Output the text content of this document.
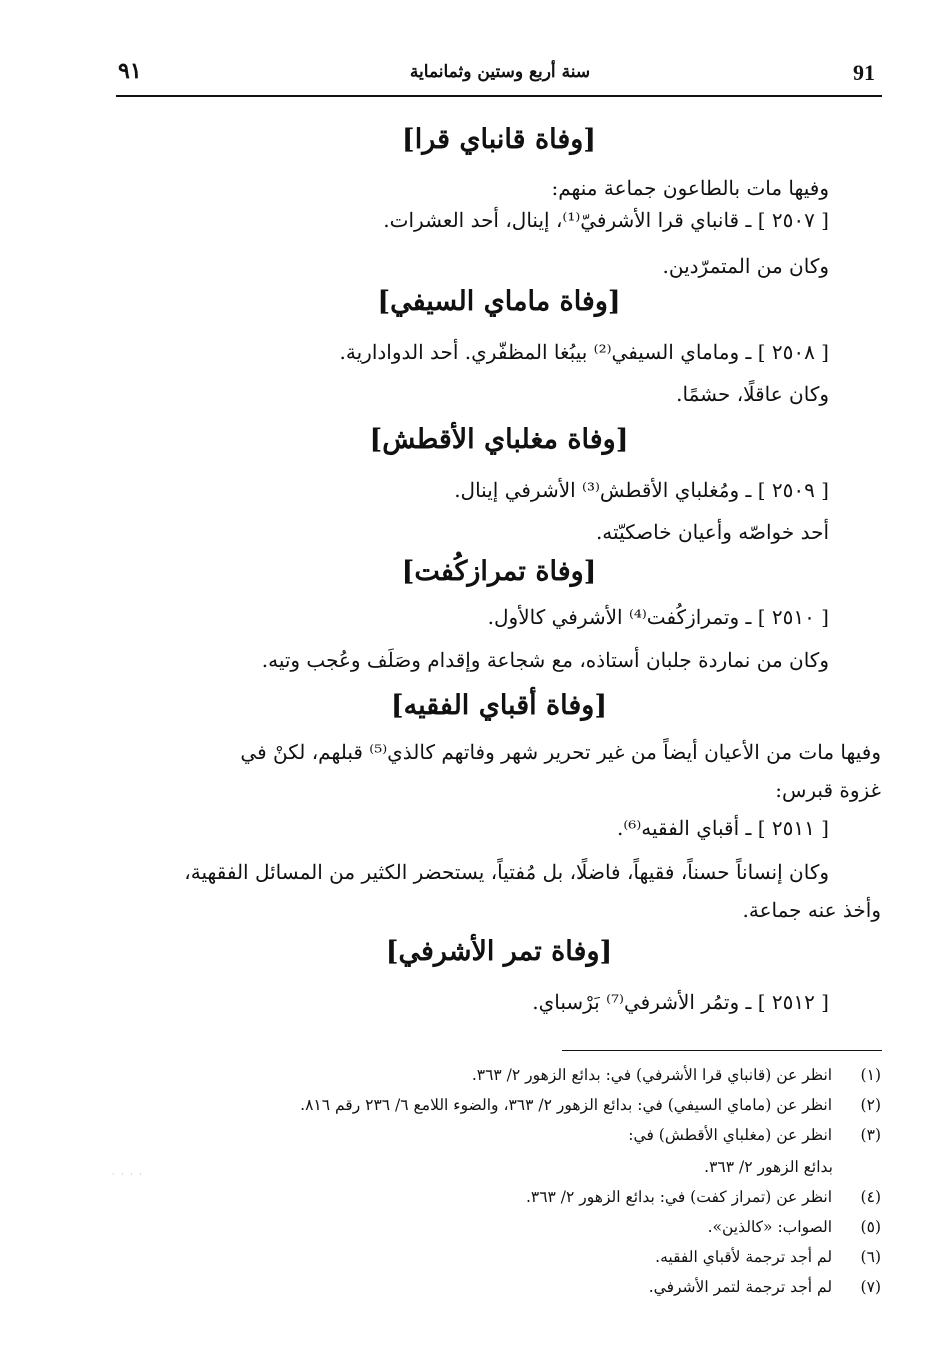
٩١	سنة أربع وستين وثمانماية	91
[وفاة قانباي قرا]
وفيها مات بالطاعون جماعة منهم:
[ ٢٥٠٧ ] ـ قانباي قرا الأشرفيّ⁽¹⁾، إينال، أحد العشرات.
وكان من المتمرّدين.
[وفاة ماماي السيفي]
[ ٢٥٠٨ ] ـ وماماي السيفي⁽²⁾ بيبُغا المظفّري. أحد الدوادارية.
وكان عاقلًا، حشمًا.
[وفاة مغلباي الأقطش]
[ ٢٥٠٩ ] ـ ومُغلباي الأقطش⁽³⁾ الأشرفي إينال.
أحد خواصّه وأعيان خاصكيّته.
[وفاة تمرازكُفت]
[ ٢٥١٠ ] ـ وتمرازكُفت⁽⁴⁾ الأشرفي كالأول.
وكان من نماردة جلبان أستاذه، مع شجاعة وإقدام وصَلَف وعُجب وتيه.
[وفاة أقباي الفقيه]
وفيها مات من الأعيان أيضاً من غير تحرير شهر وفاتهم كالذي⁽⁵⁾ قبلهم، لكنْ في
غزوة قبرس:
[ ٢٥١١ ] ـ أقباي الفقيه⁽⁶⁾.
وكان إنساناً حسناً، فقيهاً، فاضلًا، بل مُفتياً، يستحضر الكثير من المسائل الفقهية،
وأخذ عنه جماعة.
[وفاة تمر الأشرفي]
[ ٢٥١٢ ] ـ وتمُر الأشرفي⁽⁷⁾ بَرْسباي.
(١) انظر عن (قانباي قرا الأشرفي) في: بدائع الزهور ٢/ ٣٦٣.
(٢) انظر عن (ماماي السيفي) في: بدائع الزهور ٢/ ٣٦٣، والضوء اللامع ٦/ ٢٣٦ رقم ٨١٦.
(٣) انظر عن (مغلباي الأقطش) في:
بدائع الزهور ٢/ ٣٦٣.
(٤) انظر عن (تمراز كفت) في: بدائع الزهور ٢/ ٣٦٣.
(٥) الصواب: «كالذين».
(٦) لم أجد ترجمة لأقباي الفقيه.
(٧) لم أجد ترجمة لتمر الأشرفي.
· · · ·
